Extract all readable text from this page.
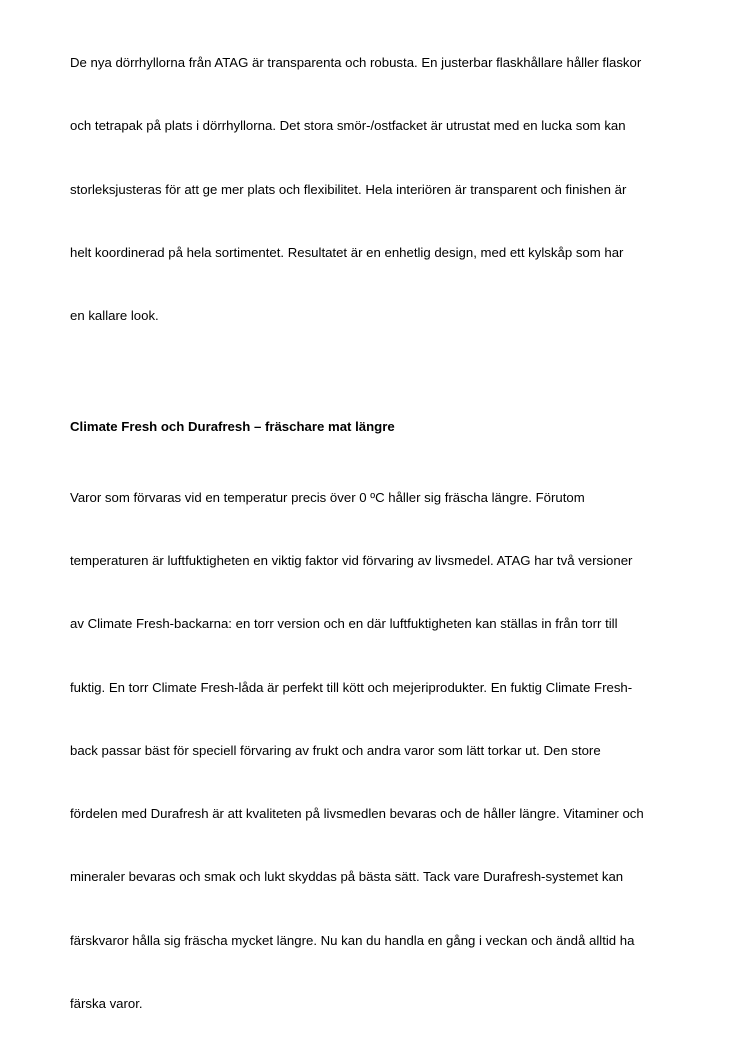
De nya dörrhyllorna från ATAG är transparenta och robusta. En justerbar flaskhållare håller flaskor

och tetrapak på plats i dörrhyllorna. Det stora smör-/ostfacket är utrustat med en lucka som kan

storleksjusteras för att ge mer plats och flexibilitet. Hela interiören är transparent och finishen är

helt koordinerad på hela sortimentet. Resultatet är en enhetlig design, med ett kylskåp som har

en kallare look.

Climate Fresh och Durafresh – fräschare mat längre

Varor som förvaras vid en temperatur precis över 0 ºC håller sig fräscha längre. Förutom

temperaturen är luftfuktigheten en viktig faktor vid förvaring av livsmedel. ATAG har två versioner

av Climate Fresh-backarna: en torr version och en där luftfuktigheten kan ställas in från torr till

fuktig. En torr Climate Fresh-låda är perfekt till kött och mejeriprodukter. En fuktig Climate Fresh-

back passar bäst för speciell förvaring av frukt och andra varor som lätt torkar ut. Den store

fördelen med Durafresh är att kvaliteten på livsmedlen bevaras och de håller längre. Vitaminer och

mineraler bevaras och smak och lukt skyddas på bästa sätt. Tack vare Durafresh-systemet kan

färskvaror hålla sig fräscha mycket längre. Nu kan du handla en gång i veckan och ändå alltid ha

färska varor.
